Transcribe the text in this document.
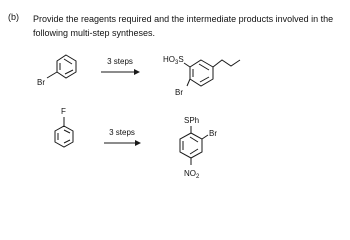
(b) Provide the reagents required and the intermediate products involved in the
following multi-step syntheses.
Br
3 steps	$HO_3S$
Br
F
3 steps
SPh
Br
$NO_2$
